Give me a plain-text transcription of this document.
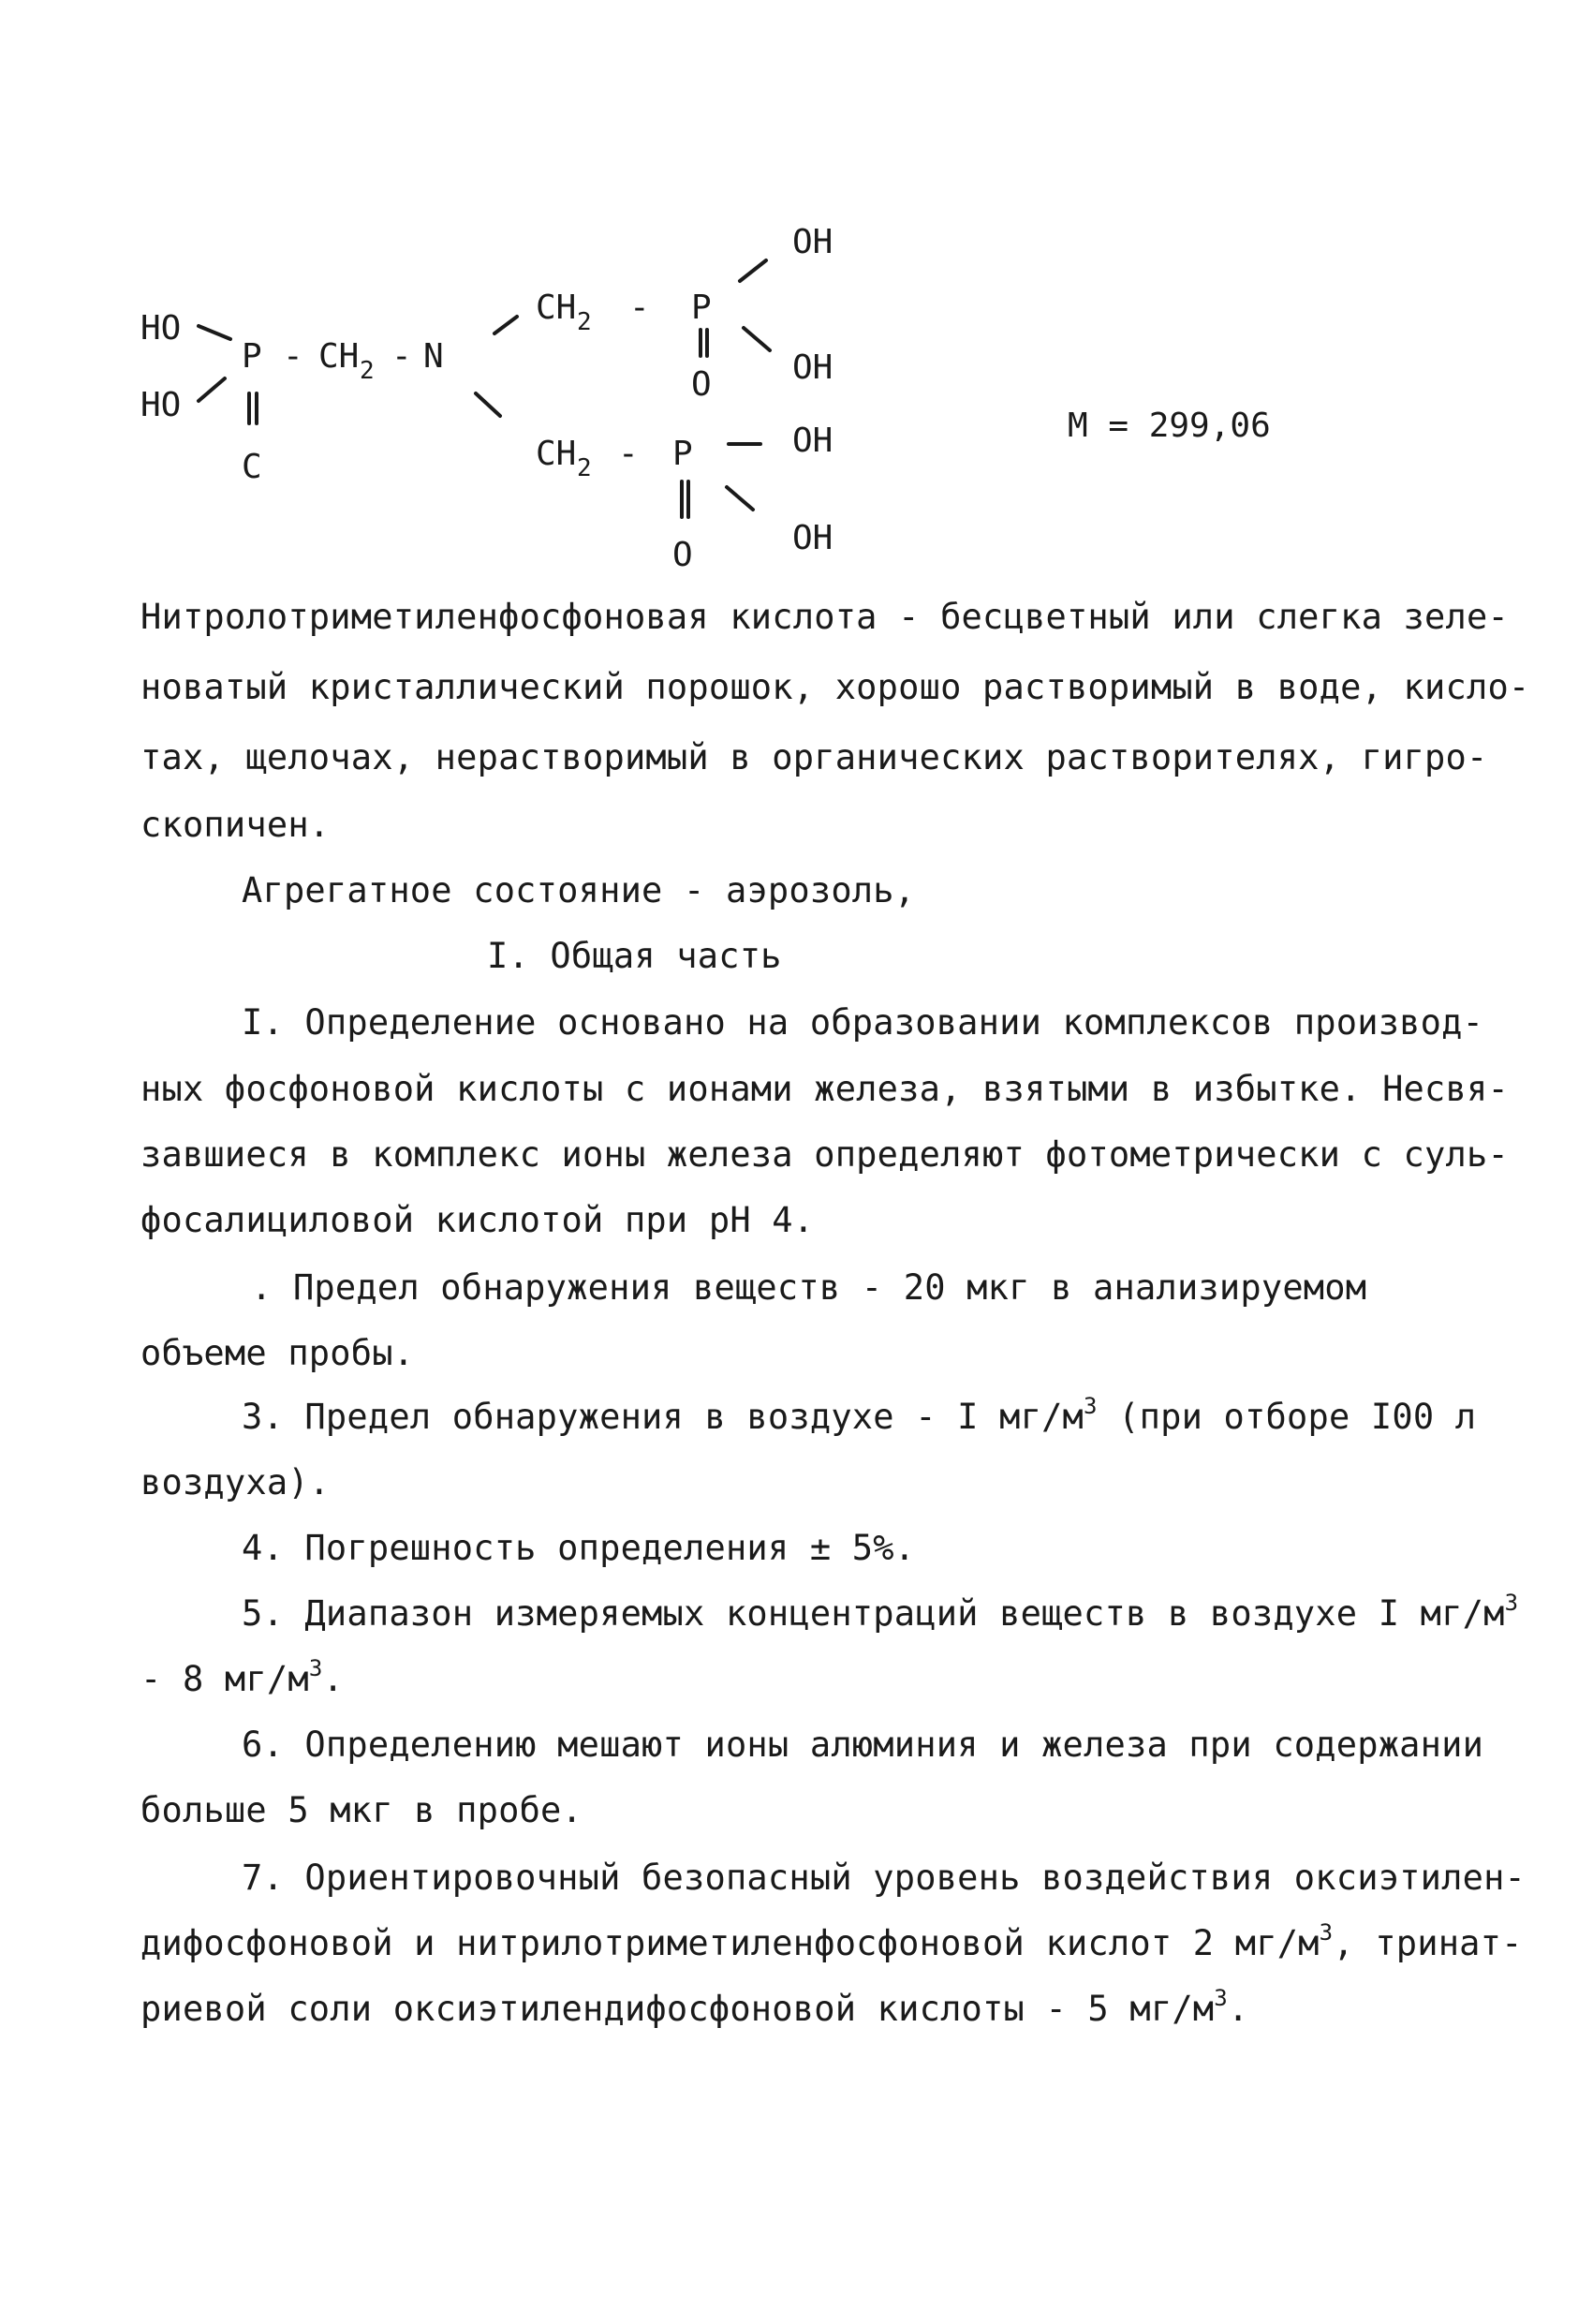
HO
HO
P - CH 2 - N
C
CH 2 - P
O
OH
OH
CH 2 - P
O
OH
OH
M = 299,06
Нитролотриметиленфосфоновая кислота - бесцветный или слегка зеле-
новатый кристаллический порошок, хорошо растворимый в воде, кисло-
тах, щелочах, нерастворимый в органических растворителях, гигро-
скопичен.
Агрегатное состояние - аэрозоль,
I. Общая часть
I. Определение основано на образовании комплексов производ-
ных фосфоновой кислоты с ионами железа, взятыми в избытке. Несвя-
завшиеся в комплекс ионы железа определяют фотометрически с суль-
фосалициловой кислотой при pH 4.
. Предел обнаружения веществ - 20 мкг в анализируемом
объеме пробы.
3. Предел обнаружения в воздухе - I $мг/м^3$ (при отборе I00 л
воздуха).
4. Погрешность определения ± 5%.
5. Диапазон измеряемых концентраций веществ в воздухе I $мг/м^3$
- 8 $мг/м^3$.
6. Определению мешают ионы алюминия и железа при содержании
больше 5 мкг в пробе.
7. Ориентировочный безопасный уровень воздействия оксиэтилен-
дифосфоновой и нитрилотриметиленфосфоновой кислот 2 $мг/м^3$, тринат-
риевой соли оксиэтилендифосфоновой кислоты - 5 $мг/м^3$.
